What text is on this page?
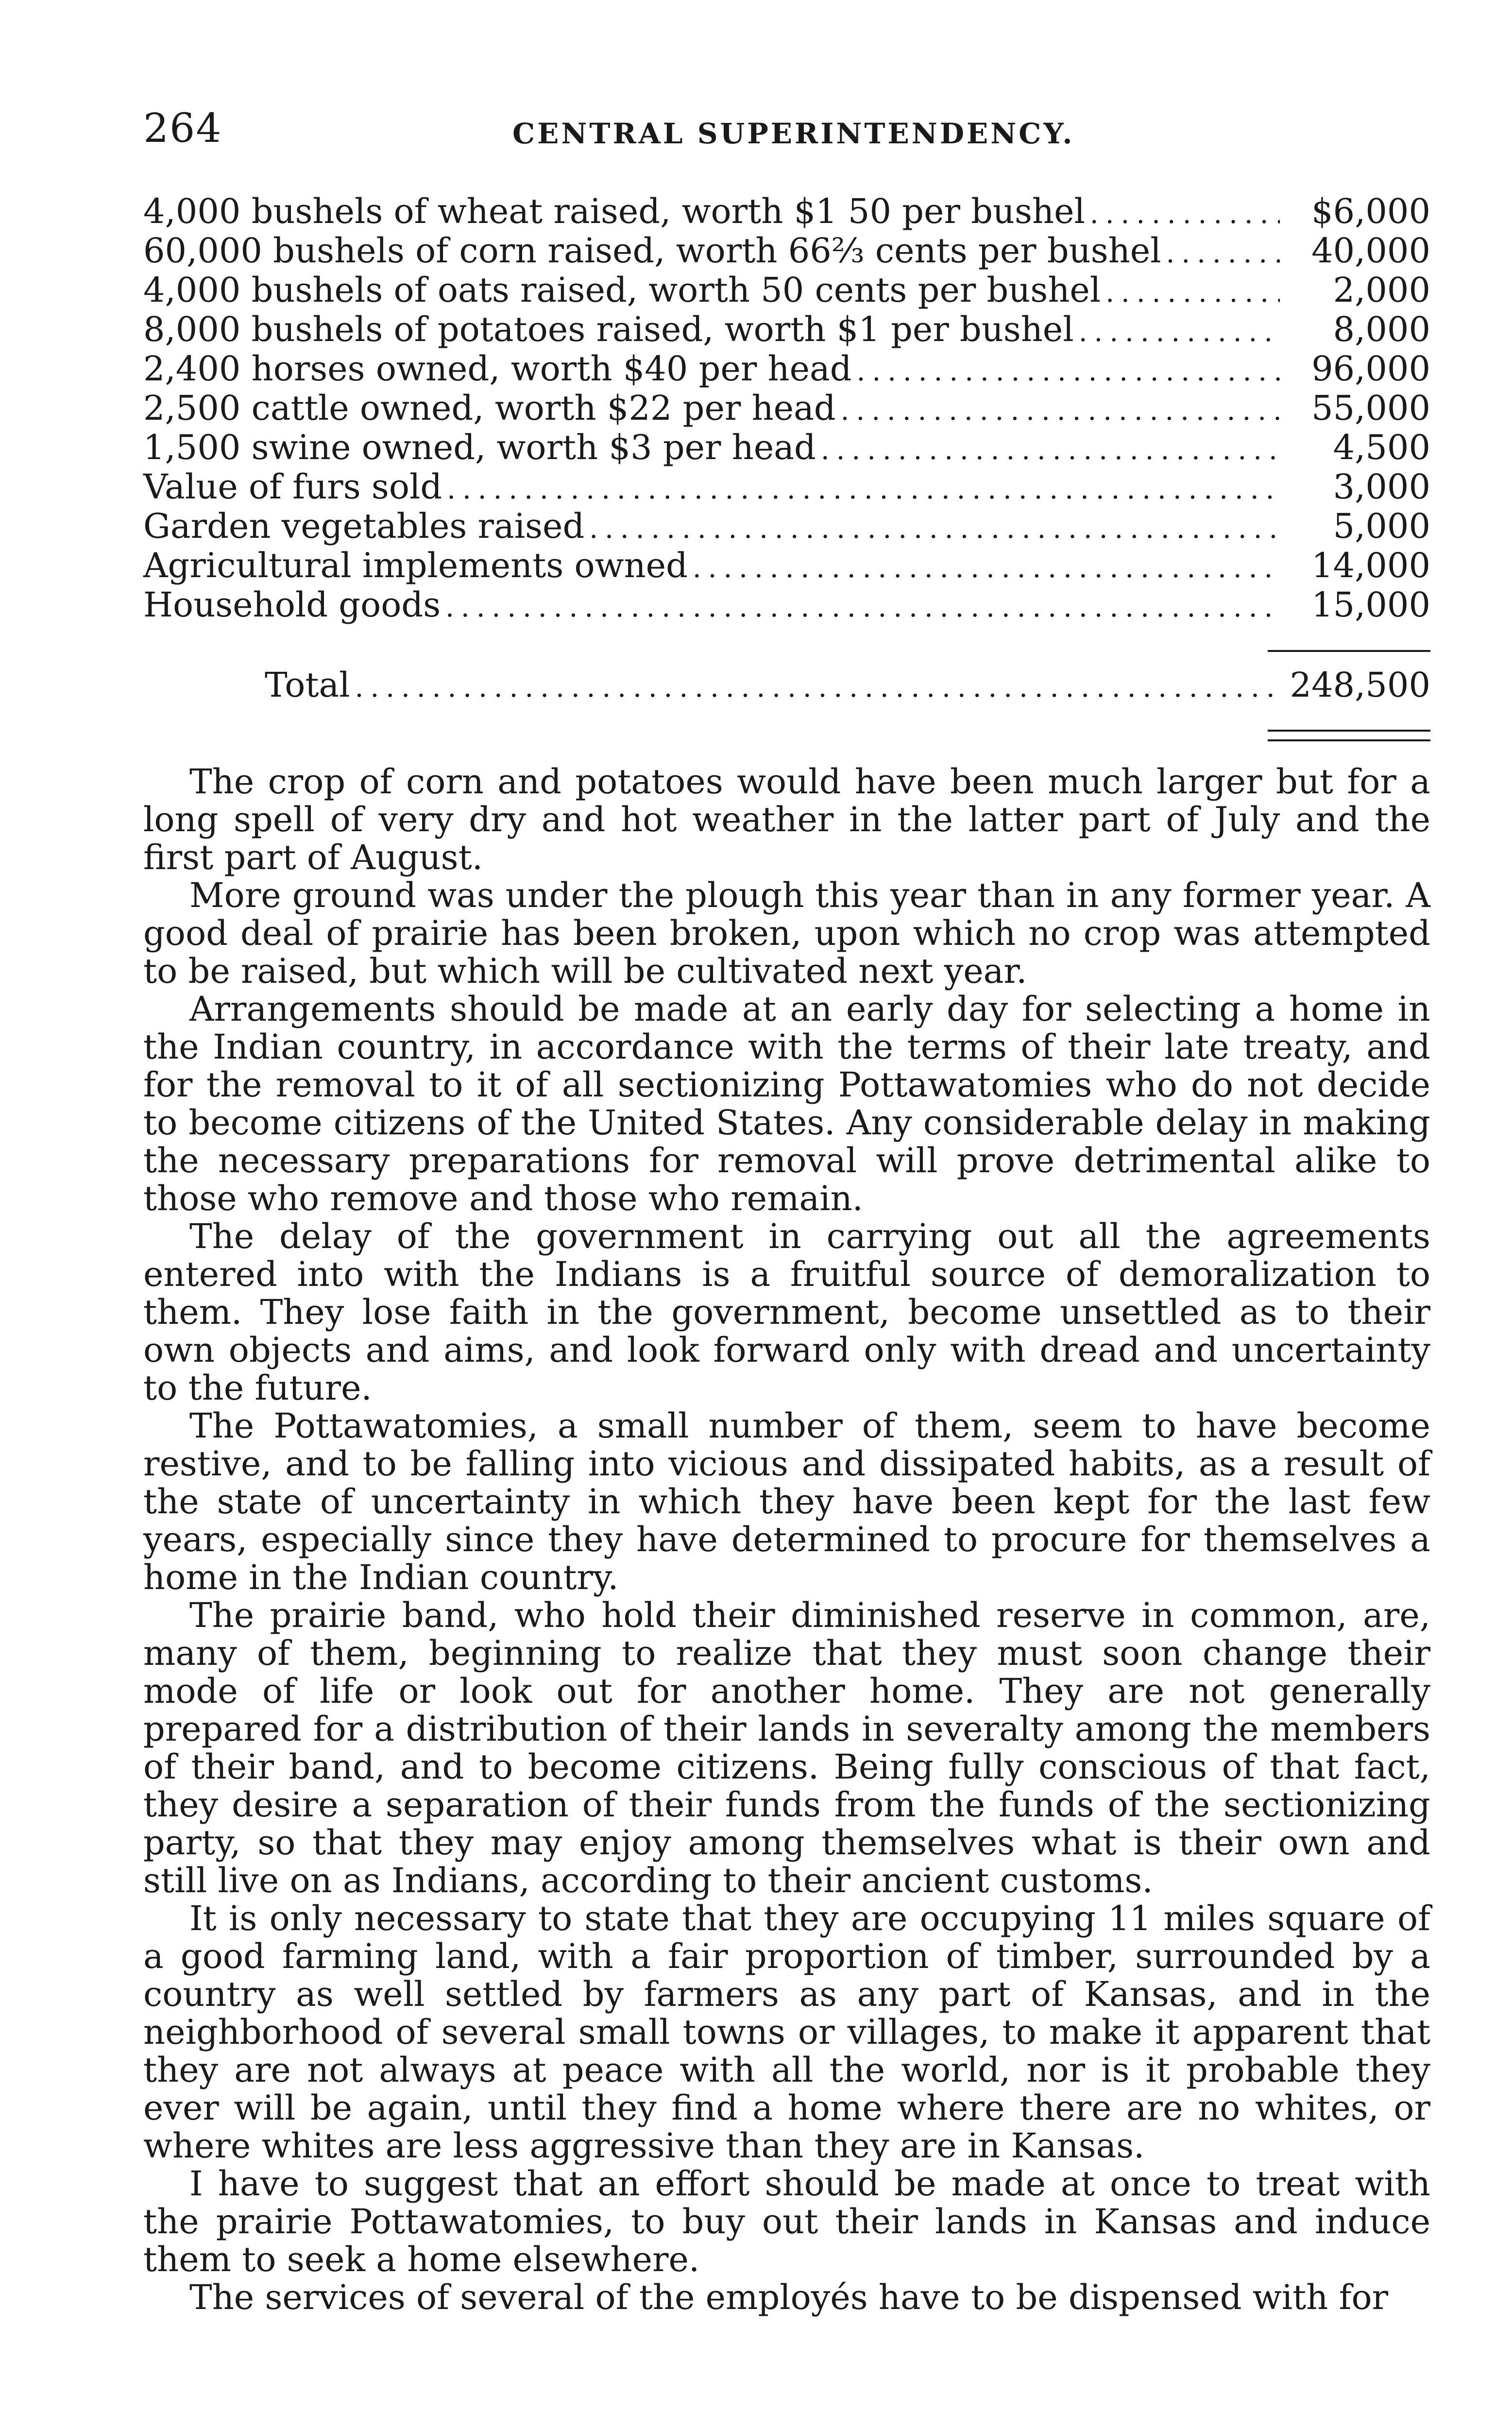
264	CENTRAL SUPERINTENDENCY.
4,000 bushels of wheat raised, worth $1 50 per bushel .....	$6,000
60,000 bushels of corn raised, worth 66⅔ cents per bushel .....	40,000
4,000 bushels of oats raised, worth 50 cents per bushel .....	2,000
8,000 bushels of potatoes raised, worth $1 per bushel .....	8,000
2,400 horses owned, worth $40 per head .....	96,000
2,500 cattle owned, worth $22 per head .....	55,000
1,500 swine owned, worth $3 per head .....	4,500
Value of furs sold .....	3,000
Garden vegetables raised .....	5,000
Agricultural implements owned .....	14,000
Household goods .....	15,000
Total .....	248,500

The crop of corn and potatoes would have been much larger but for a long spell of very dry and hot weather in the latter part of July and the first part of August.

More ground was under the plough this year than in any former year. A good deal of prairie has been broken, upon which no crop was attempted to be raised, but which will be cultivated next year.

Arrangements should be made at an early day for selecting a home in the Indian country, in accordance with the terms of their late treaty, and for the removal to it of all sectionizing Pottawatomies who do not decide to become citizens of the United States. Any considerable delay in making the necessary preparations for removal will prove detrimental alike to those who remove and those who remain.

The delay of the government in carrying out all the agreements entered into with the Indians is a fruitful source of demoralization to them. They lose faith in the government, become unsettled as to their own objects and aims, and look forward only with dread and uncertainty to the future.

The Pottawatomies, a small number of them, seem to have become restive, and to be falling into vicious and dissipated habits, as a result of the state of uncertainty in which they have been kept for the last few years, especially since they have determined to procure for themselves a home in the Indian country.

The prairie band, who hold their diminished reserve in common, are, many of them, beginning to realize that they must soon change their mode of life or look out for another home. They are not generally prepared for a distribution of their lands in severalty among the members of their band, and to become citizens. Being fully conscious of that fact, they desire a separation of their funds from the funds of the sectionizing party, so that they may enjoy among themselves what is their own and still live on as Indians, according to their ancient customs.

It is only necessary to state that they are occupying 11 miles square of a good farming land, with a fair proportion of timber, surrounded by a country as well settled by farmers as any part of Kansas, and in the neighborhood of several small towns or villages, to make it apparent that they are not always at peace with all the world, nor is it probable they ever will be again, until they find a home where there are no whites, or where whites are less aggressive than they are in Kansas.

I have to suggest that an effort should be made at once to treat with the prairie Pottawatomies, to buy out their lands in Kansas and induce them to seek a home elsewhere.

The services of several of the employés have to be dispensed with for
